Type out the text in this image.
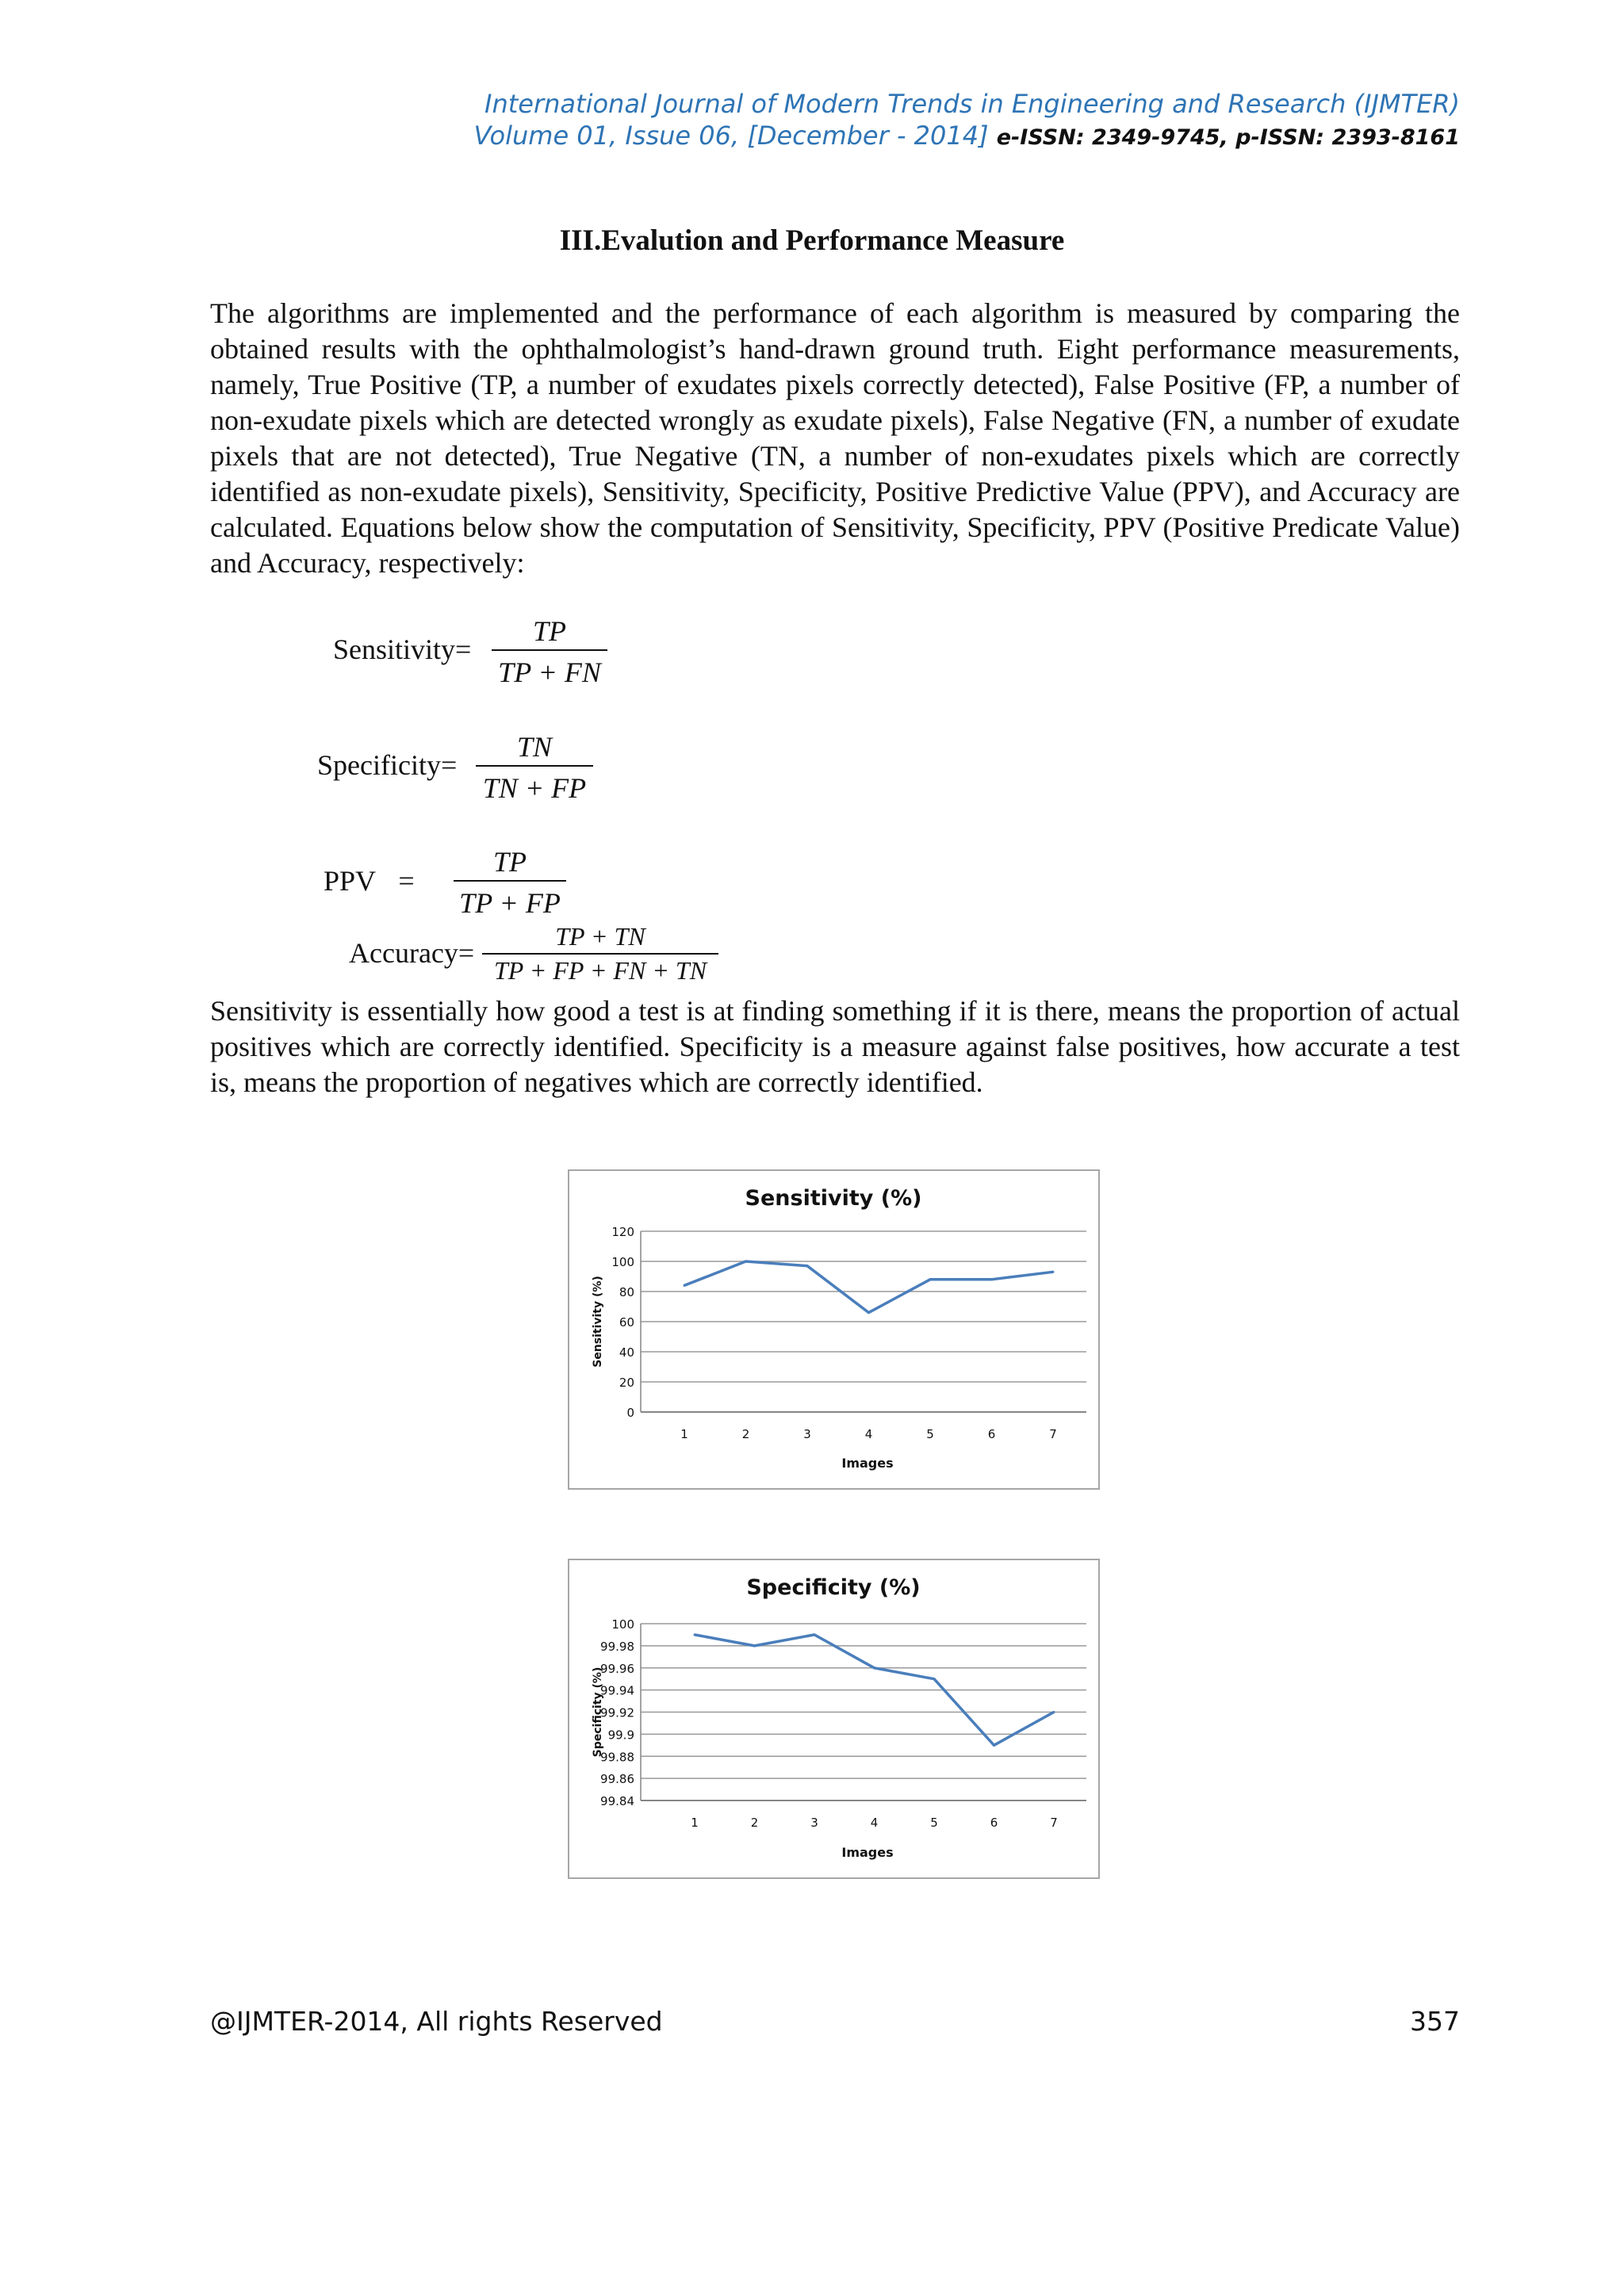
International Journal of Modern Trends in Engineering and Research (IJMTER)
Volume 01, Issue 06, [December - 2014] e-ISSN: 2349-9745, p-ISSN: 2393-8161
III.Evalution and Performance Measure

The algorithms are implemented and the performance of each algorithm is measured by comparing the obtained results with the ophthalmologist’s hand-drawn ground truth. Eight performance measurements, namely, True Positive (TP, a number of exudates pixels correctly detected), False Positive (FP, a number of non-exudate pixels which are detected wrongly as exudate pixels), False Negative (FN, a number of exudate pixels that are not detected), True Negative (TN, a number of non-exudates pixels which are correctly identified as non-exudate pixels), Sensitivity, Specificity, Positive Predictive Value (PPV), and Accuracy are calculated. Equations below show the computation of Sensitivity, Specificity, PPV (Positive Predicate Value) and Accuracy, respectively:

Sensitivity=
TP
TP + FN
Specificity=
TN
TN + FP
PPV =
TP
TP + FP
Accuracy=
TP + TN
TP + FP + FN + TN

Sensitivity is essentially how good a test is at finding something if it is there, means the proportion of actual positives which are correctly identified. Specificity is a measure against false positives, how accurate a test is, means the proportion of negatives which are correctly identified.

Sensitivity (%)
0
20
40
60
80
100
120
1	2	3	4	5	6	7
Images
Sensitivity (%)
Specificity (%)
99.84
99.86
99.88
99.9
99.92
99.94
99.96
99.98
100
1	2	3	4	5	6	7
Images
Specificity (%)
@IJMTER-2014, All rights Reserved	357
